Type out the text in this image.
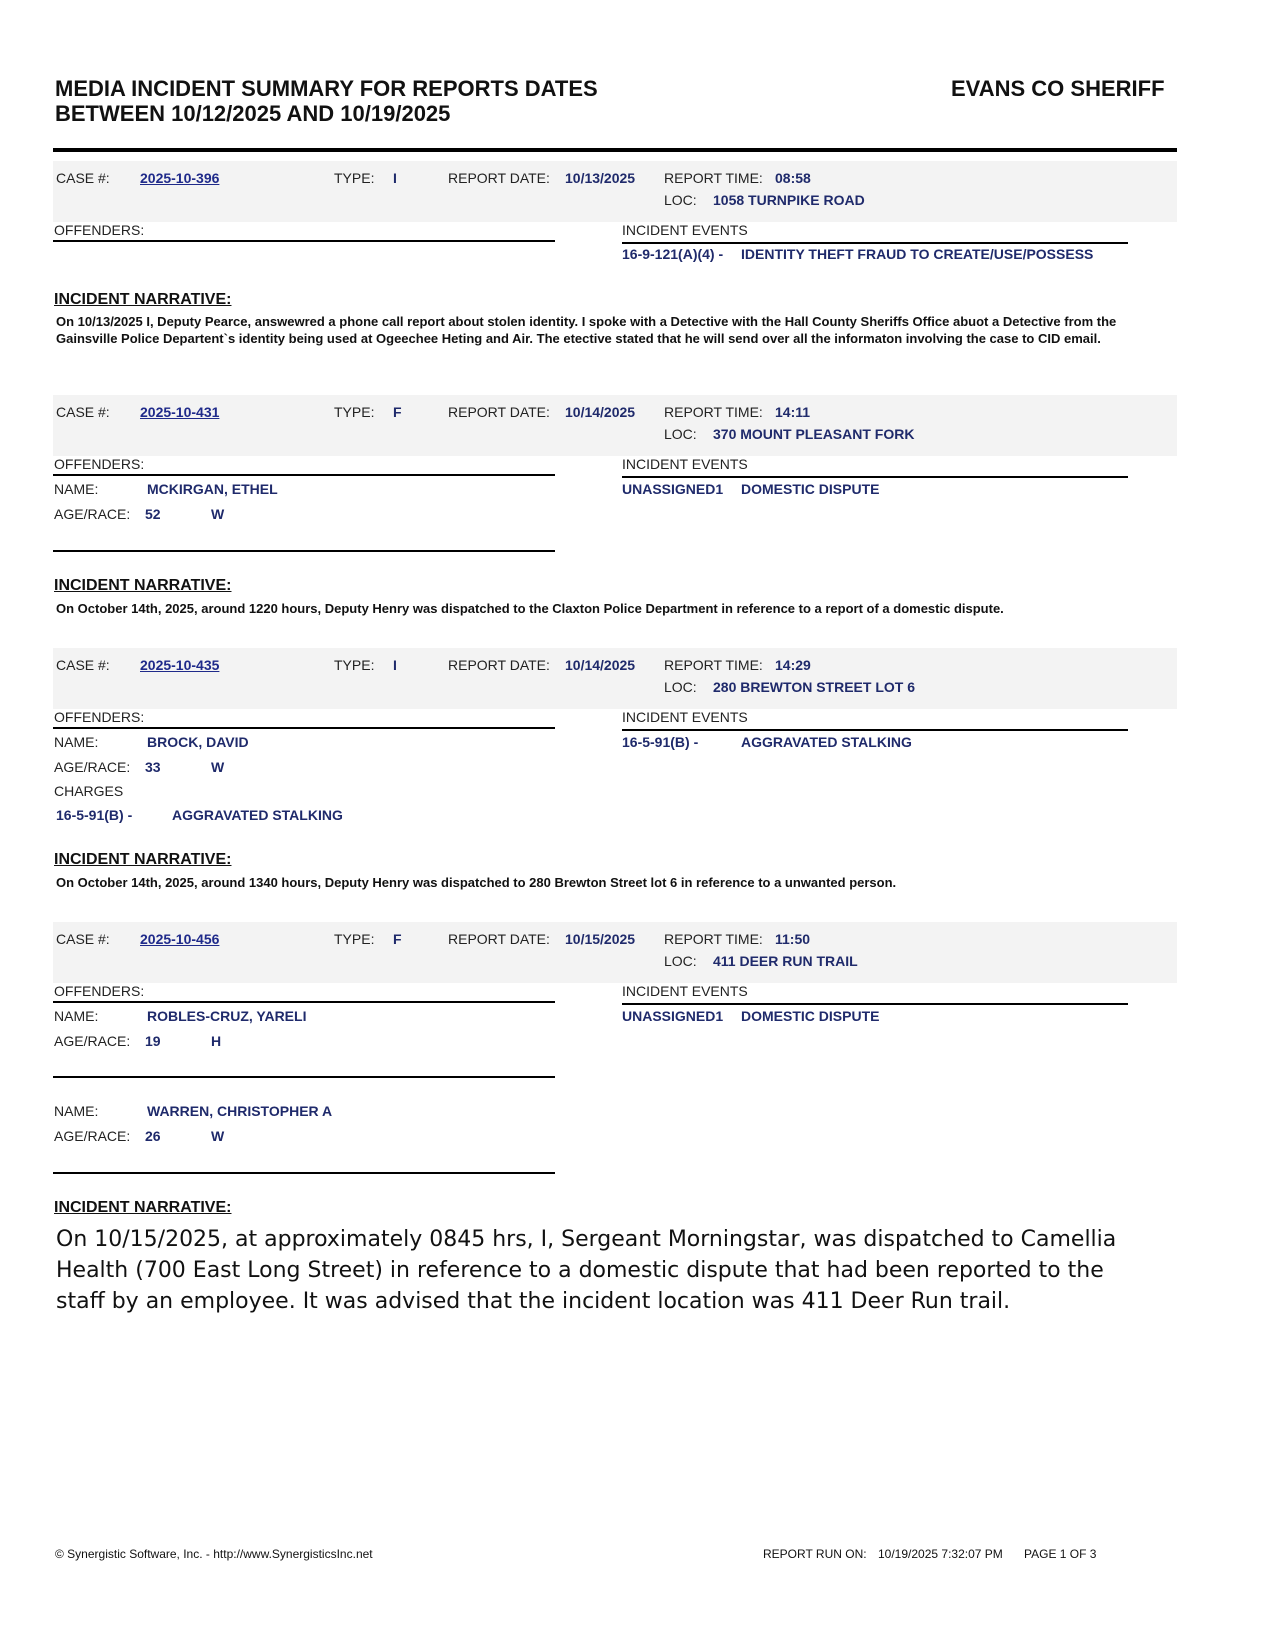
MEDIA INCIDENT SUMMARY FOR REPORTS DATES
BETWEEN 10/12/2025 AND 10/19/2025
EVANS CO SHERIFF
CASE #: 2025-10-396	TYPE: I	REPORT DATE: 10/13/2025 REPORT TIME: 08:58
LOC: 1058 TURNPIKE ROAD
OFFENDERS:	INCIDENT EVENTS
16-9-121(A)(4) - IDENTITY THEFT FRAUD TO CREATE/USE/POSSESS
INCIDENT NARRATIVE:
On 10/13/2025 I, Deputy Pearce, answewred a phone call report about stolen identity. I spoke with a Detective with the Hall County Sheriffs Office abuot a Detective from the Gainsville Police Departent`s identity being used at Ogeechee Heting and Air. The etective stated that he will send over all the informaton involving the case to CID email.
CASE #: 2025-10-431	TYPE: F	REPORT DATE: 10/14/2025 REPORT TIME: 14:11
LOC: 370 MOUNT PLEASANT FORK
OFFENDERS:
NAME:	MCKIRGAN, ETHEL
AGE/RACE: 52	W
INCIDENT EVENTS
UNASSIGNED1 DOMESTIC DISPUTE
INCIDENT NARRATIVE:
On October 14th, 2025, around 1220 hours, Deputy Henry was dispatched to the Claxton Police Department in reference to a report of a domestic dispute.
CASE #: 2025-10-435	TYPE: I	REPORT DATE: 10/14/2025 REPORT TIME: 14:29
LOC: 280 BREWTON STREET LOT 6
OFFENDERS:
NAME:	BROCK, DAVID
AGE/RACE: 33	W
CHARGES
16-5-91(B) -	AGGRAVATED STALKING
INCIDENT EVENTS
16-5-91(B) -	AGGRAVATED STALKING
INCIDENT NARRATIVE:
On October 14th, 2025, around 1340 hours, Deputy Henry was dispatched to 280 Brewton Street lot 6 in reference to a unwanted person.
CASE #: 2025-10-456	TYPE: F	REPORT DATE: 10/15/2025 REPORT TIME: 11:50
LOC: 411 DEER RUN TRAIL
OFFENDERS:
NAME:	ROBLES-CRUZ, YARELI
AGE/RACE: 19	H
NAME:	WARREN, CHRISTOPHER A
AGE/RACE: 26	W
INCIDENT EVENTS
UNASSIGNED1 DOMESTIC DISPUTE
INCIDENT NARRATIVE:
On 10/15/2025, at approximately 0845 hrs, I, Sergeant Morningstar, was dispatched to Camellia Health (700 East Long Street) in reference to a domestic dispute that had been reported to the staff by an employee. It was advised that the incident location was 411 Deer Run trail.
© Synergistic Software, Inc. - http://www.SynergisticsInc.net	REPORT RUN ON: 10/19/2025 7:32:07 PM PAGE 1 OF 3
